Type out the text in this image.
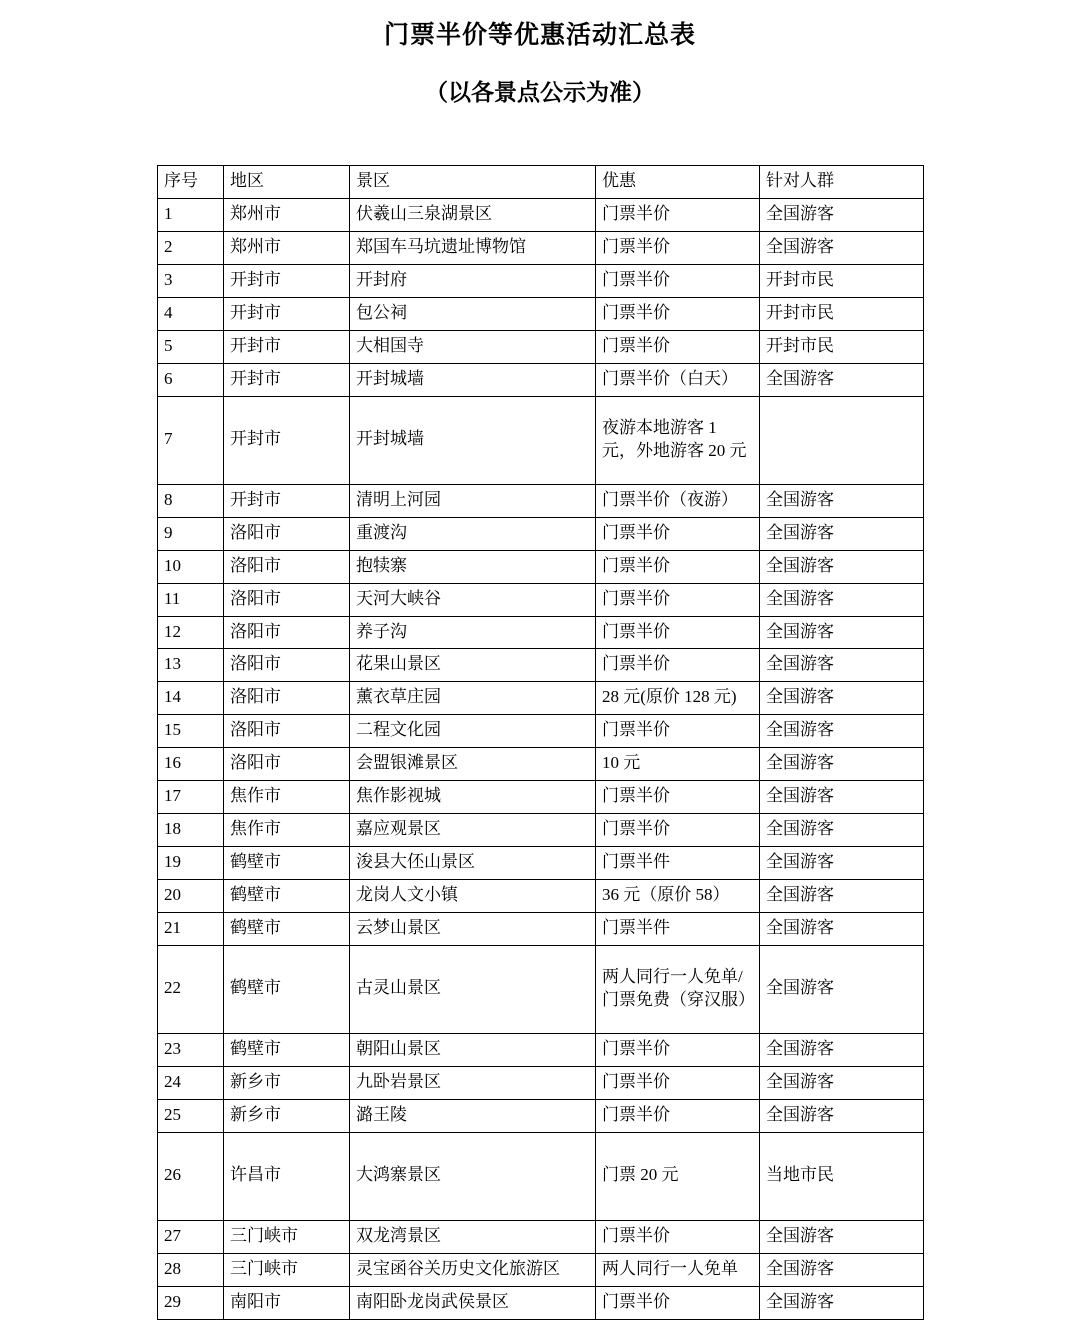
门票半价等优惠活动汇总表
（以各景点公示为准）
序号	地区	景区	优惠	针对人群
1	郑州市	伏羲山三泉湖景区	门票半价	全国游客
2	郑州市	郑国车马坑遗址博物馆	门票半价	全国游客
3	开封市	开封府	门票半价	开封市民
4	开封市	包公祠	门票半价	开封市民
5	开封市	大相国寺	门票半价	开封市民
6	开封市	开封城墙	门票半价（白天）	全国游客
7	开封市	开封城墙	夜游本地游客 1 元，外地游客 20 元	
8	开封市	清明上河园	门票半价（夜游）	全国游客
9	洛阳市	重渡沟	门票半价	全国游客
10	洛阳市	抱犊寨	门票半价	全国游客
11	洛阳市	天河大峡谷	门票半价	全国游客
12	洛阳市	养子沟	门票半价	全国游客
13	洛阳市	花果山景区	门票半价	全国游客
14	洛阳市	薰衣草庄园	28 元(原价 128 元)	全国游客
15	洛阳市	二程文化园	门票半价	全国游客
16	洛阳市	会盟银滩景区	10 元	全国游客
17	焦作市	焦作影视城	门票半价	全国游客
18	焦作市	嘉应观景区	门票半价	全国游客
19	鹤壁市	浚县大伾山景区	门票半件	全国游客
20	鹤壁市	龙岗人文小镇	36 元（原价 58）	全国游客
21	鹤壁市	云梦山景区	门票半件	全国游客
22	鹤壁市	古灵山景区	两人同行一人免单/门票免费（穿汉服）	全国游客
23	鹤壁市	朝阳山景区	门票半价	全国游客
24	新乡市	九卧岩景区	门票半价	全国游客
25	新乡市	潞王陵	门票半价	全国游客
26	许昌市	大鸿寨景区	门票 20 元	当地市民
27	三门峡市	双龙湾景区	门票半价	全国游客
28	三门峡市	灵宝函谷关历史文化旅游区	两人同行一人免单	全国游客
29	南阳市	南阳卧龙岗武侯景区	门票半价	全国游客
